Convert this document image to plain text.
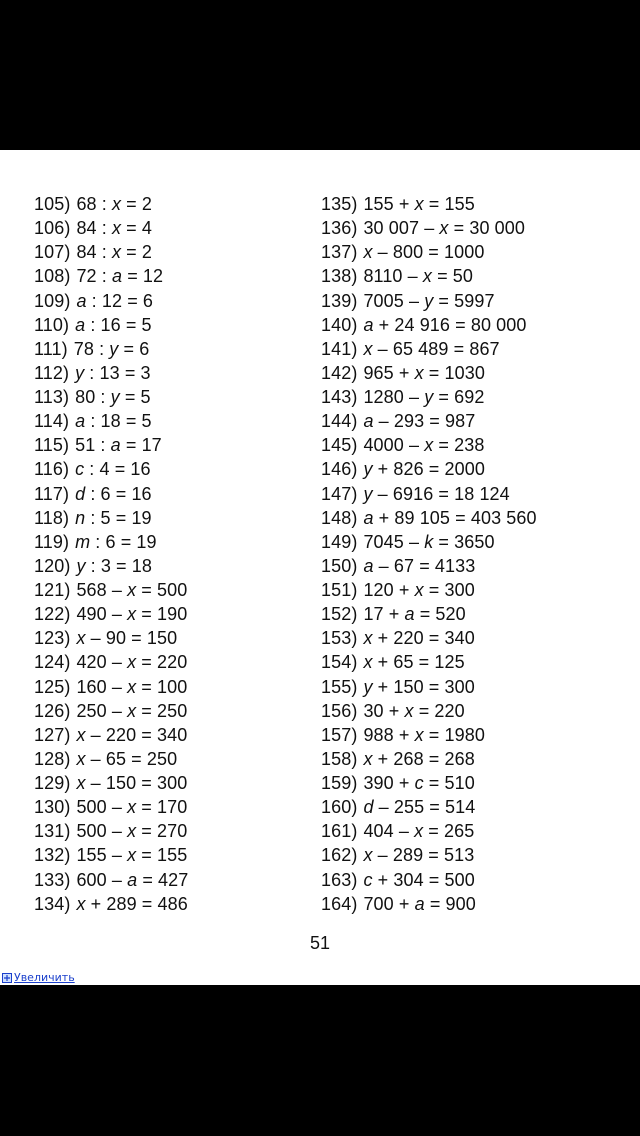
105) 68 : x = 2
106) 84 : x = 4
107) 84 : x = 2
108) 72 : a = 12
109) a : 12 = 6
110) a : 16 = 5
111) 78 : y = 6
112) y : 13 = 3
113) 80 : y = 5
114) a : 18 = 5
115) 51 : a = 17
116) c : 4 = 16
117) d : 6 = 16
118) n : 5 = 19
119) m : 6 = 19
120) y : 3 = 18
121) 568 – x = 500
122) 490 – x = 190
123) x – 90 = 150
124) 420 – x = 220
125) 160 – x = 100
126) 250 – x = 250
127) x – 220 = 340
128) x – 65 = 250
129) x – 150 = 300
130) 500 – x = 170
131) 500 – x = 270
132) 155 – x = 155
133) 600 – a = 427
134) x + 289 = 486
135) 155 + x = 155
136) 30 007 – x = 30 000
137) x – 800 = 1000
138) 8110 – x = 50
139) 7005 – y = 5997
140) a + 24 916 = 80 000
141) x – 65 489 = 867
142) 965 + x = 1030
143) 1280 – y = 692
144) a – 293 = 987
145) 4000 – x = 238
146) y + 826 = 2000
147) y – 6916 = 18 124
148) a + 89 105 = 403 560
149) 7045 – k = 3650
150) a – 67 = 4133
151) 120 + x = 300
152) 17 + a = 520
153) x + 220 = 340
154) x + 65 = 125
155) y + 150 = 300
156) 30 + x = 220
157) 988 + x = 1980
158) x + 268 = 268
159) 390 + c = 510
160) d – 255 = 514
161) 404 – x = 265
162) x – 289 = 513
163) c + 304 = 500
164) 700 + a = 900
51
Увеличить
